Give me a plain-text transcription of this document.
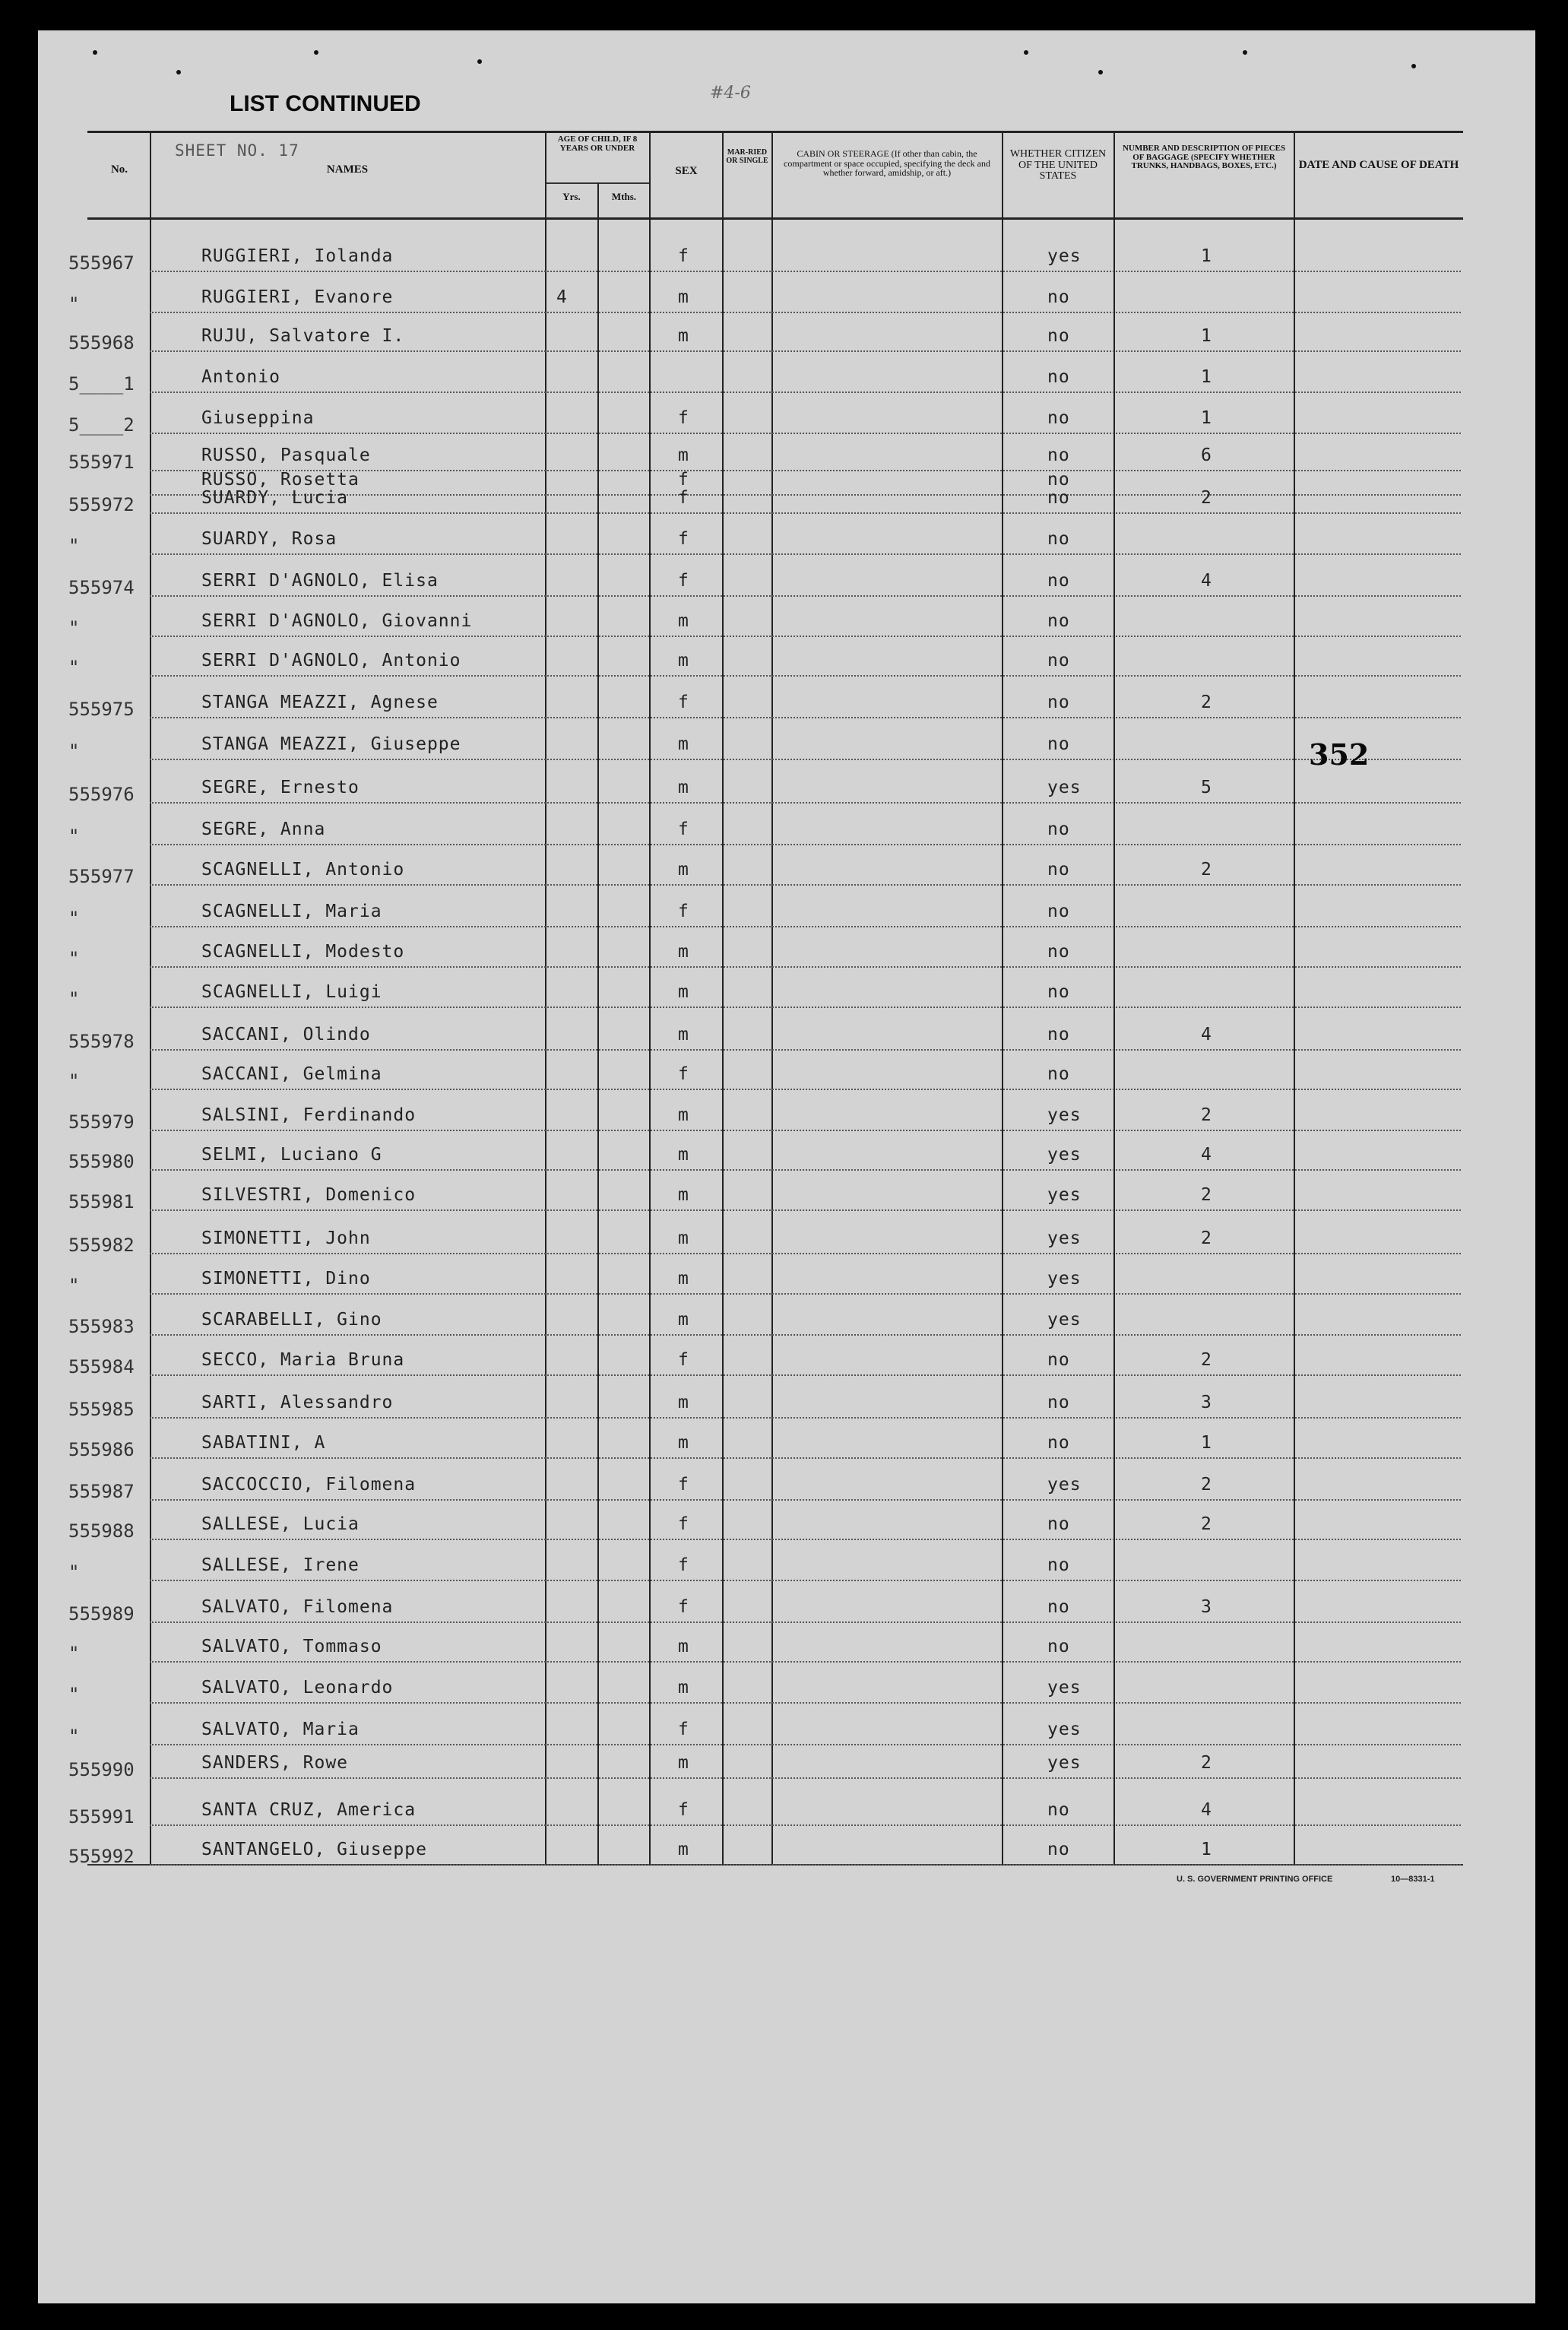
LIST CONTINUED	#4-6
No.
SHEET NO. 17
NAMES
AGE OF CHILD, IF 8 YEARS OR UNDER
Yrs.	Mths.
SEX
MAR-RIED OR SINGLE
CABIN OR STEERAGE (If other than cabin, the compartment or space occupied, specifying the deck and whether forward, amidship, or aft.)
WHETHER CITIZEN OF THE UNITED STATES
NUMBER AND DESCRIPTION OF PIECES OF BAGGAGE (SPECIFY WHETHER TRUNKS, HANDBAGS, BOXES, ETC.)	DATE AND CAUSE OF DEATH
555967	RUGGIERI, Iolanda	f	yes	1
"	RUGGIERI, Evanore	4	m	no
555968	RUJU, Salvatore I.	m	no	1
5____1	Antonio	no	1
5____2	Giuseppina	f	no	1
555971	RUSSO, Pasquale	m	no	6
RUSSO, Rosetta	f	no
555972	SUARDY, Lucia	f	no	2
"	SUARDY, Rosa	f	no
555974	SERRI D'AGNOLO, Elisa	f	no	4
"	SERRI D'AGNOLO, Giovanni	m	no
"	SERRI D'AGNOLO, Antonio	m	no
555975	STANGA MEAZZI, Agnese	f	no	2
"	STANGA MEAZZI, Giuseppe	m	no
555976	SEGRE, Ernesto	m	yes	5
"	SEGRE, Anna	f	no
555977	SCAGNELLI, Antonio	m	no	2
"	SCAGNELLI, Maria	f	no
"	SCAGNELLI, Modesto	m	no
"	SCAGNELLI, Luigi	m	no
555978	SACCANI, Olindo	m	no	4
"	SACCANI, Gelmina	f	no
555979	SALSINI, Ferdinando	m	yes	2
555980	SELMI, Luciano G	m	yes	4
555981	SILVESTRI, Domenico	m	yes	2
555982	SIMONETTI, John	m	yes	2
"	SIMONETTI, Dino	m	yes
555983	SCARABELLI, Gino	m	yes
555984	SECCO, Maria Bruna	f	no	2
555985	SARTI, Alessandro	m	no	3
555986	SABATINI, A	m	no	1
555987	SACCOCCIO, Filomena	f	yes	2
555988	SALLESE, Lucia	f	no	2
"	SALLESE, Irene	f	no
555989	SALVATO, Filomena	f	no	3
"	SALVATO, Tommaso	m	no
"	SALVATO, Leonardo	m	yes
"	SALVATO, Maria	f	yes
555990	SANDERS, Rowe	m	yes	2
555991	SANTA CRUZ, America	f	no	4
555992	SANTANGELO, Giuseppe	m	no	1
352
U. S. GOVERNMENT PRINTING OFFICE	10—8331-1
